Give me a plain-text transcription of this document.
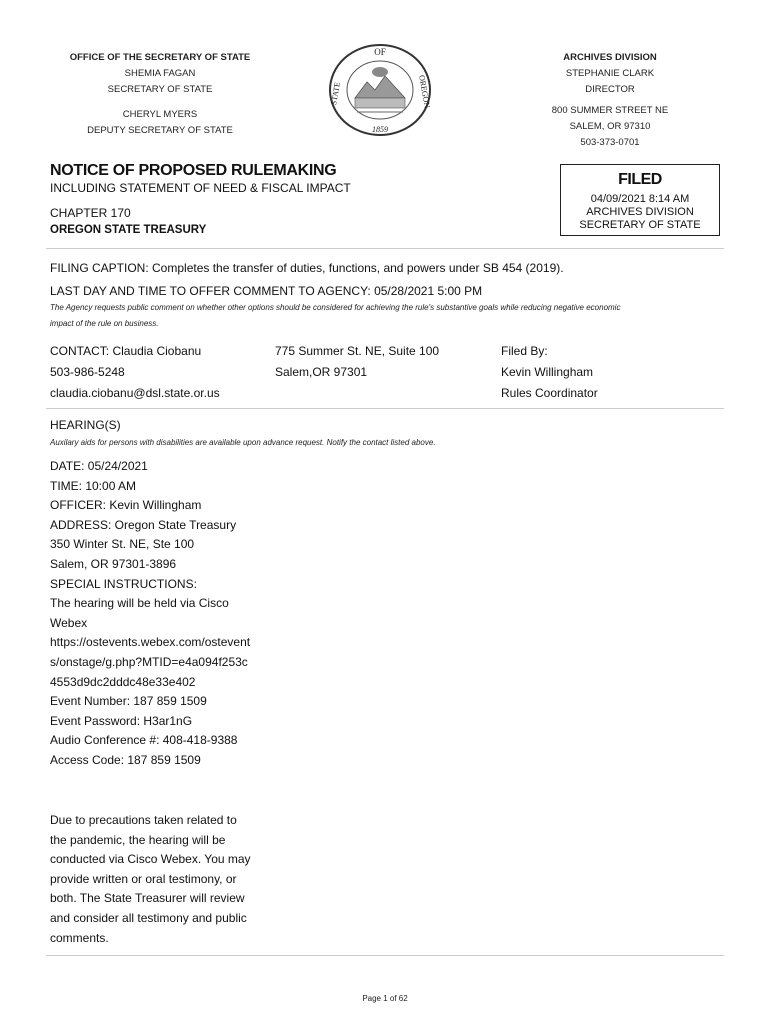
OFFICE OF THE SECRETARY OF STATE
SHEMIA FAGAN
SECRETARY OF STATE
CHERYL MYERS
DEPUTY SECRETARY OF STATE
OF
STATE	OREGON
1859
ARCHIVES DIVISION
STEPHANIE CLARK
DIRECTOR
800 SUMMER STREET NE
SALEM, OR 97310
503-373-0701
NOTICE OF PROPOSED RULEMAKING
INCLUDING STATEMENT OF NEED & FISCAL IMPACT
CHAPTER 170
OREGON STATE TREASURY
FILED
04/09/2021 8:14 AM
ARCHIVES DIVISION
SECRETARY OF STATE
FILING CAPTION: Completes the transfer of duties, functions, and powers under SB 454 (2019).
LAST DAY AND TIME TO OFFER COMMENT TO AGENCY: 05/28/2021 5:00 PM
The Agency requests public comment on whether other options should be considered for achieving the rule's substantive goals while reducing negative economic
impact of the rule on business.
CONTACT: Claudia Ciobanu
503-986-5248
claudia.ciobanu@dsl.state.or.us
775 Summer St. NE, Suite 100
Salem,OR 97301
Filed By:
Kevin Willingham
Rules Coordinator
HEARING(S)
Auxilary aids for persons with disabilities are available upon advance request. Notify the contact listed above.
DATE: 05/24/2021
TIME: 10:00 AM
OFFICER: Kevin Willingham
ADDRESS: Oregon State Treasury
350 Winter St. NE, Ste 100
Salem, OR 97301-3896
SPECIAL INSTRUCTIONS:
The hearing will be held via Cisco
Webex
https://ostevents.webex.com/ostevent
s/onstage/g.php?MTID=e4a094f253c
4553d9dc2dddc48e33e402
Event Number: 187 859 1509
Event Password: H3ar1nG
Audio Conference #: 408-418-9388
Access Code: 187 859 1509
Due to precautions taken related to
the pandemic, the hearing will be
conducted via Cisco Webex. You may
provide written or oral testimony, or
both. The State Treasurer will review
and consider all testimony and public
comments.
Page 1 of 62
